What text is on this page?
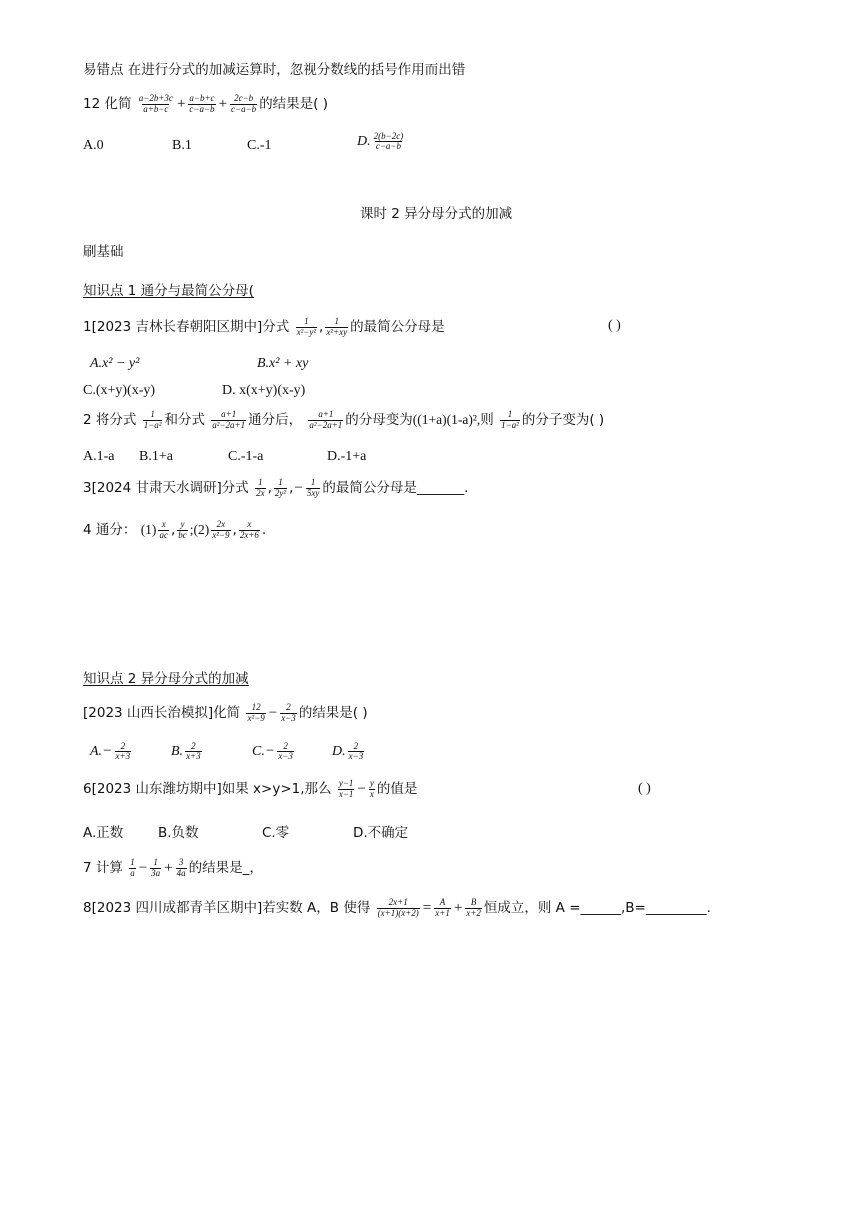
易错点 在进行分式的加减运算时，忽视分数线的括号作用而出错
12 化简 $\frac{a-2b+3c}{a+b-c} + \frac{a-b+c}{c-a-b} + \frac{2c-b}{c-a-b}$ 的结果是( )
A.0	B.1	C.-1	D. $\frac{2(b-2c)}{c-a-b}$
课时 2 异分母分式的加减
刷基础
知识点 1 通分与最简公分母(
1[2023 吉林长春朝阳区期中]分式 $\frac{1}{\text{x²−y²}}$ , $\frac{1}{\text{x²+xy}}$ 的最简公分母是	( )
A.x² − y²	B.x² + xy
C.(x+y)(x-y)	D. x(x+y)(x-y)
2 将分式 $\frac{1}{\text{1−a²}}$ 和分式 $\frac{a+1}{\text{a²−2a+1}}$ 通分后， $\frac{a+1}{\text{a²−2a+1}}$ 的分母变为((1+a)(1-a)²,则 $\frac{1}{\text{1−a²}}$ 的分子变为( )
A.1-a B.1+a	C.-1-a	D.-1+a
3[2024 甘肃天水调研]分式 $\frac{1}{2x}$ , $\frac{1}{\text{2y²}}$ ,− $\frac{1}{5xy}$ 的最简公分母是_______.
4 通分： $(1) \frac{x}{ac}$ , $\frac{y}{bc}$ ;(2) $\frac{2x}{\text{x²−9}}$ , $\frac{x}{2x+6}$ .
知识点 2 异分母分式的加减
[2023 山西长治模拟]化简 $\frac{12}{\text{x²−9}} - \frac{2}{x-3}$ 的结果是( )
$A.- \frac{2}{x+3}$	B. $\frac{2}{x+3}$	$C.- \frac{2}{x-3}$	D. $\frac{2}{x-3}$
6[2023 山东潍坊期中]如果 x>y>1,那么 $\frac{y-1}{x-1} - \frac{y}{x}$ 的值是	( )
A.正数	B.负数	C.零	D.不确定
7 计算 $\frac{1}{a} - \frac{1}{3a} + \frac{3}{4a}$ 的结果是_，
8[2023 四川成都青羊区期中]若实数 A，B 使得 $\frac{2x+1}{(x+1)(x+2)} = \frac{A}{x+1} + \frac{B}{x+2}$ 恒成立，则 A =______,B=_________.
